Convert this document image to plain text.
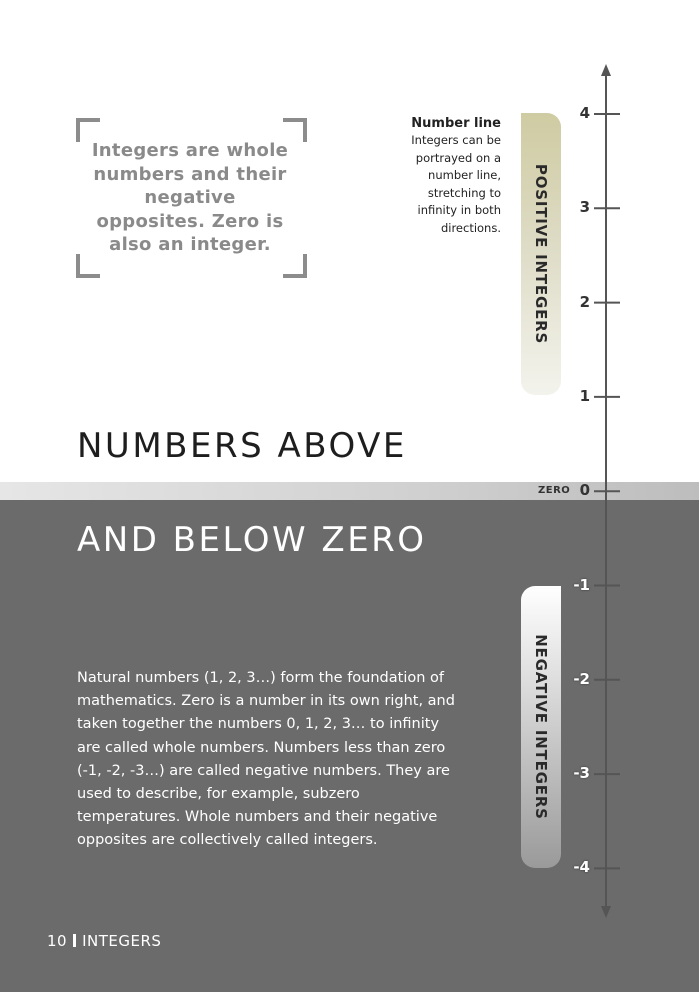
Integers are whole numbers and their negative opposites. Zero is also an integer.
Number line
Integers can be portrayed on a number line, stretching to infinity in both directions.
NUMBERS ABOVE
AND BELOW ZERO
Natural numbers (1, 2, 3…) form the foundation of mathematics. Zero is a number in its own right, and taken together the numbers 0, 1, 2, 3… to infinity are called whole numbers. Numbers less than zero (-1, -2, -3…) are called negative numbers. They are used to describe, for example, subzero temperatures. Whole numbers and their negative opposites are collectively called integers.
POSITIVE INTEGERS
NEGATIVE INTEGERS
ZERO
4
3
2
1
0
-1
-2
-3
-4
10 INTEGERS
